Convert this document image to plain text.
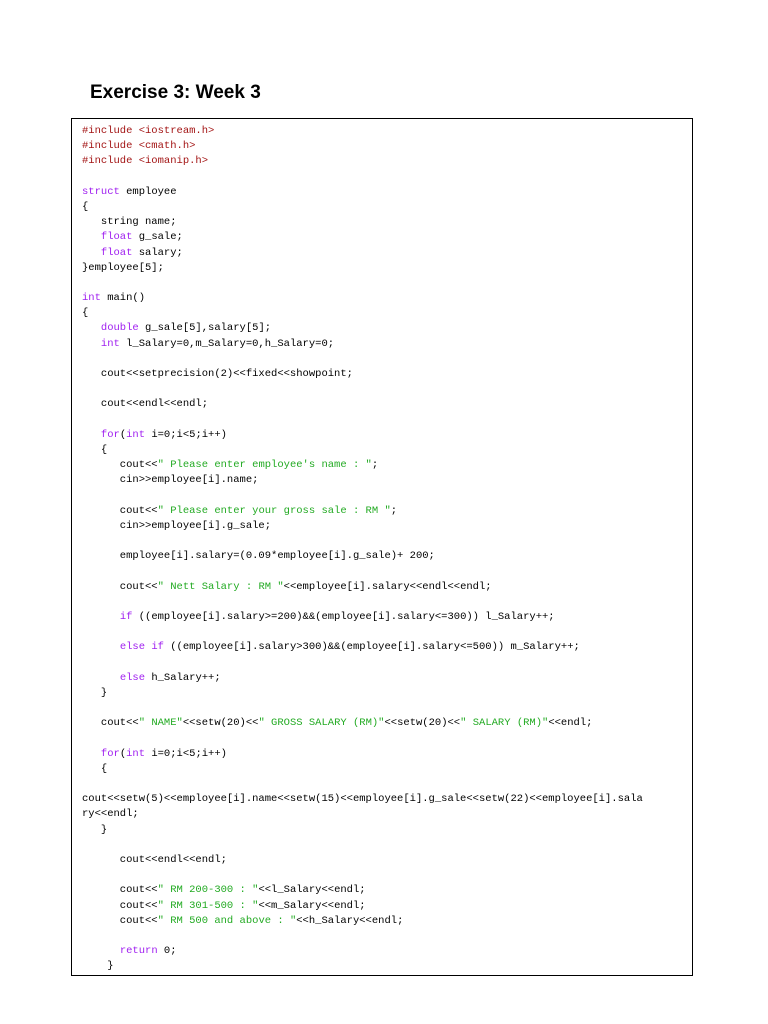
Exercise 3: Week 3
#include <iostream.h>
#include <cmath.h>
#include <iomanip.h>
struct employee
{
string name;
float g_sale;
float salary;
}employee[5];
int main()
{
double g_sale[5],salary[5];
int l_Salary=0,m_Salary=0,h_Salary=0;
cout<<setprecision(2)<<fixed<<showpoint;
cout<<endl<<endl;
for(int i=0;i<5;i++)
{
cout<<" Please enter employee's name : ";
cin>>employee[i].name;
cout<<" Please enter your gross sale : RM ";
cin>>employee[i].g_sale;
employee[i].salary=(0.09*employee[i].g_sale)+ 200;
cout<<" Nett Salary : RM "<<employee[i].salary<<endl<<endl;
if ((employee[i].salary>=200)&&(employee[i].salary<=300)) l_Salary++;
else if ((employee[i].salary>300)&&(employee[i].salary<=500)) m_Salary++;
else h_Salary++;
}
cout<<" NAME"<<setw(20)<<" GROSS SALARY (RM)"<<setw(20)<<" SALARY (RM)"<<endl;
for(int i=0;i<5;i++)
{
cout<<setw(5)<<employee[i].name<<setw(15)<<employee[i].g_sale<<setw(22)<<employee[i].sala
ry<<endl;
}
cout<<endl<<endl;
cout<<" RM 200-300 : "<<l_Salary<<endl;
cout<<" RM 301-500 : "<<m_Salary<<endl;
cout<<" RM 500 and above : "<<h_Salary<<endl;
return 0;
}
